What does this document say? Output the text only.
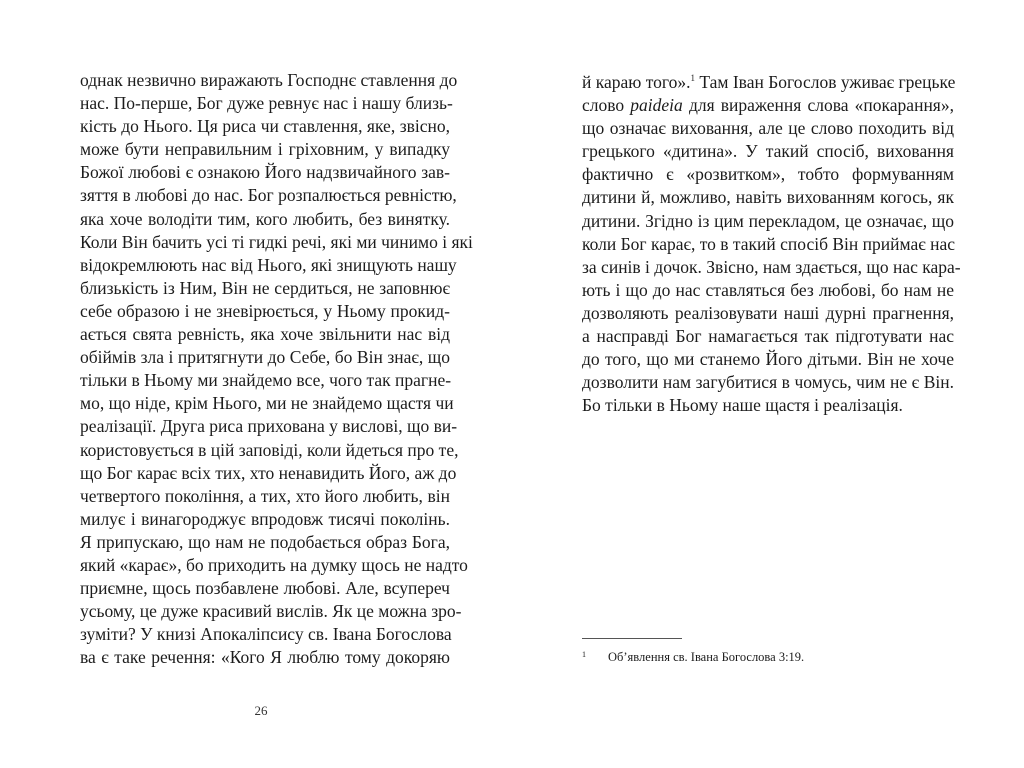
однак незвично виражають Господнє ставлення до
нас. По-перше, Бог дуже ревнує нас і нашу близь-
кість до Нього. Ця риса чи ставлення, яке, звісно,
може бути неправильним і гріховним, у випадку
Божої любові є ознакою Його надзвичайного зав-
зяття в любові до нас. Бог розпалюється ревністю,
яка хоче володіти тим, кого любить, без винятку.
Коли Він бачить усі ті гидкі речі, які ми чинимо і які
відокремлюють нас від Нього, які знищують нашу
близькість із Ним, Він не сердиться, не заповнює
себе образою і не зневірюється, у Ньому прокид-
ається свята ревність, яка хоче звільнити нас від
обіймів зла і притягнути до Себе, бо Він знає, що
тільки в Ньому ми знайдемо все, чого так прагне-
мо, що ніде, крім Нього, ми не знайдемо щастя чи
реалізації. Друга риса прихована у вислові, що ви-
користовується в цій заповіді, коли йдеться про те,
що Бог карає всіх тих, хто ненавидить Його, аж до
четвертого покоління, а тих, хто його любить, він
милує і винагороджує впродовж тисячі поколінь.
Я припускаю, що нам не подобається образ Бога,
який «карає», бо приходить на думку щось не надто
приємне, щось позбавлене любові. Але, всупереч
усьому, це дуже красивий вислів. Як це можна зро-
зуміти? У книзі Апокаліпсису св. Івана Богослова
ва є таке речення: «Кого Я люблю тому докоряю
26
й караю того».$^1$ Там Іван Богослов уживає грецьке
слово paideia для вираження слова «покарання»,
що означає виховання, але це слово походить від
грецького «дитина». У такий спосіб, виховання
фактично є «розвитком», тобто формуванням
дитини й, можливо, навіть вихованням когось, як
дитини. Згідно із цим перекладом, це означає, що
коли Бог карає, то в такий спосіб Він приймає нас
за синів і дочок. Звісно, нам здається, що нас кара-
ють і що до нас ставляться без любові, бо нам не
дозволяють реалізовувати наші дурні прагнення,
а насправді Бог намагається так підготувати нас
до того, що ми станемо Його дітьми. Він не хоче
дозволити нам загубитися в чомусь, чим не є Він.
Бо тільки в Ньому наше щастя і реалізація.
1 Об’явлення св. Івана Богослова 3:19.
